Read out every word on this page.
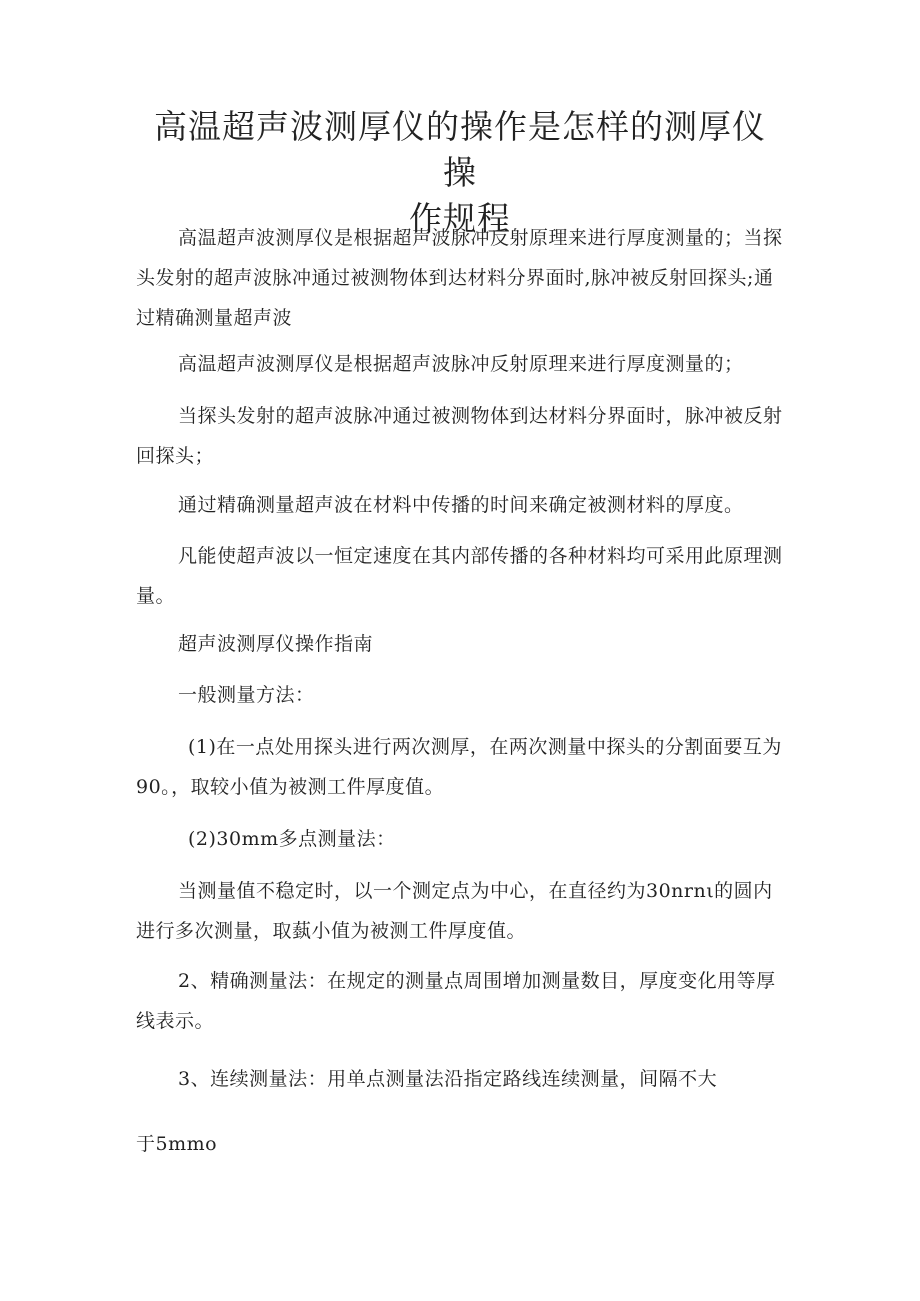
高温超声波测厚仪的操作是怎样的测厚仪操
作规程

高温超声波测厚仪是根据超声波脉冲反射原理来进行厚度测量的；当探头发射的超声波脉冲通过被测物体到达材料分界面时,脉冲被反射回探头;通过精确测量超声波

高温超声波测厚仪是根据超声波脉冲反射原理来进行厚度测量的；

当探头发射的超声波脉冲通过被测物体到达材料分界面时，脉冲被反射回探头；

通过精确测量超声波在材料中传播的时间来确定被测材料的厚度。

凡能使超声波以一恒定速度在其内部传播的各种材料均可采用此原理测量。

超声波测厚仪操作指南

一般测量方法：

(1)在一点处用探头进行两次测厚，在两次测量中探头的分割面要互为90。，取较小值为被测工件厚度值。

(2)30mm多点测量法：

当测量值不稳定时，以一个测定点为中心，在直径约为30nrnι的圆内进行多次测量，取蓺小值为被测工件厚度值。

2、精确测量法：在规定的测量点周围增加测量数目，厚度变化用等厚线表示。

3、连续测量法：用单点测量法沿指定路线连续测量，间隔不大

于5mmo
